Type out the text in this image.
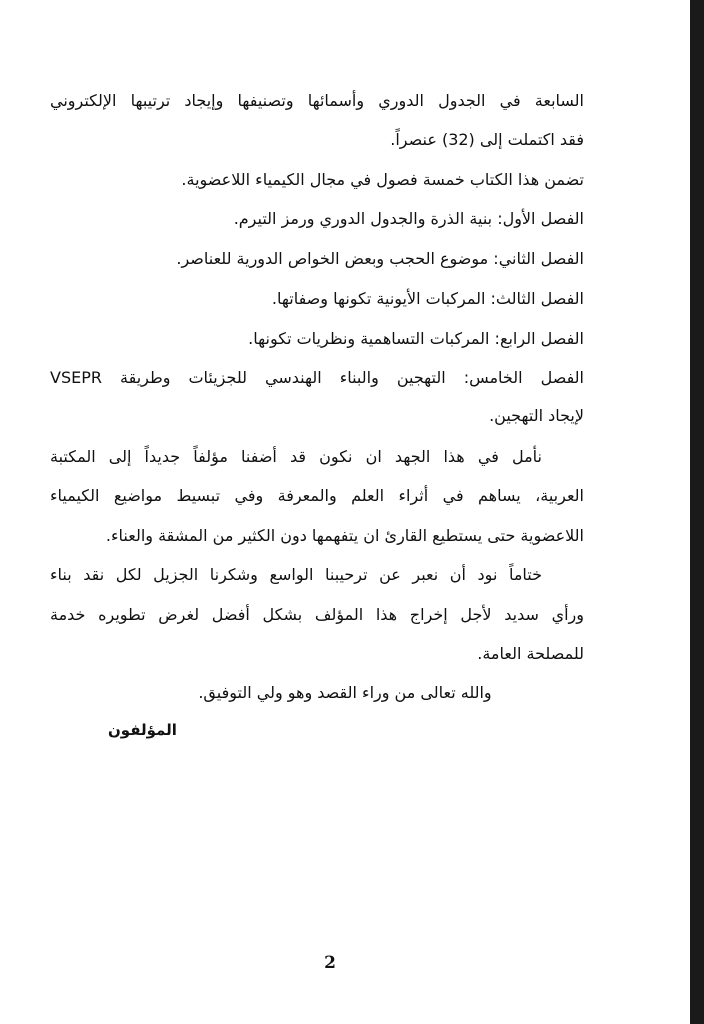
السابعة في الجدول الدوري وأسمائها وتصنيفها وإيجاد ترتيبها الإلكتروني
فقد اكتملت إلى (32) عنصراً.
تضمن هذا الكتاب خمسة فصول في مجال الكيمياء اللاعضوية.
الفصل الأول: بنية الذرة والجدول الدوري ورمز التيرم.
الفصل الثاني: موضوع الحجب وبعض الخواص الدورية للعناصر.
الفصل الثالث: المركبات الأيونية تكونها وصفاتها.
الفصل الرابع: المركبات التساهمية ونظريات تكونها.
الفصل الخامس: التهجين والبناء الهندسي للجزيئات وطريقة VSEPR
لإيجاد التهجين.
نأمل في هذا الجهد ان نكون قد أضفنا مؤلفاً جديداً إلى المكتبة
العربية، يساهم في أثراء العلم والمعرفة وفي تبسيط مواضيع الكيمياء
اللاعضوية حتى يستطيع القارئ ان يتفهمها دون الكثير من المشقة والعناء.
ختاماً نود أن نعبر عن ترحيبنا الواسع وشكرنا الجزيل لكل نقد بناء
ورأي سديد لأجل إخراج هذا المؤلف بشكل أفضل لغرض تطويره خدمة
للمصلحة العامة.
والله تعالى من وراء القصد وهو ولي التوفيق.
المؤلفون
2
